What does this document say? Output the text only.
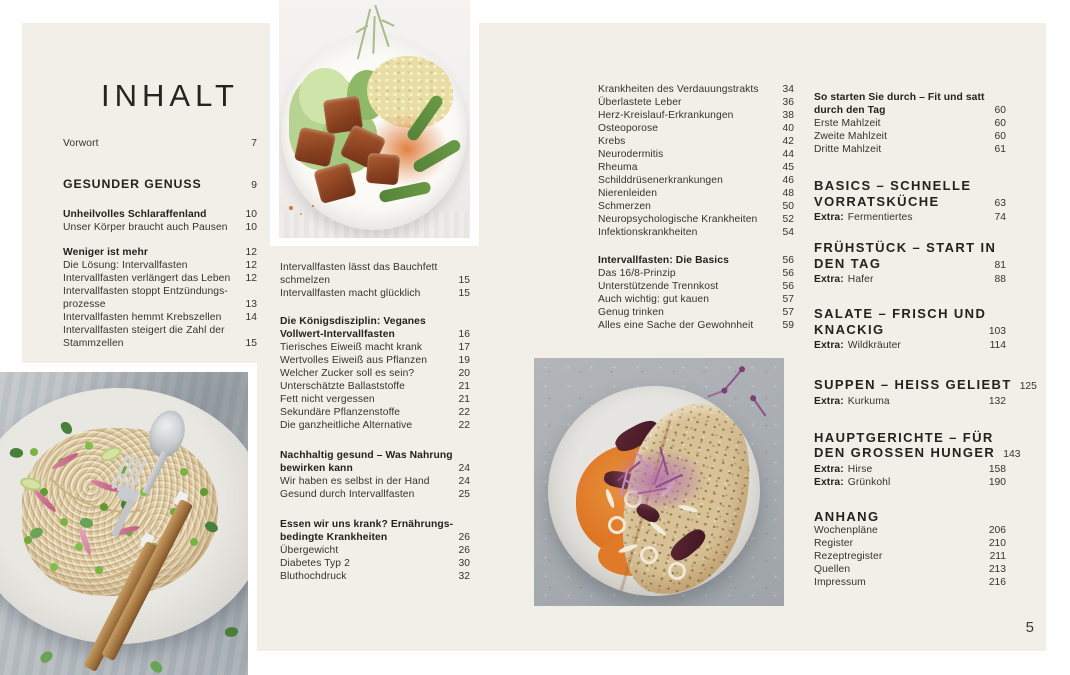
INHALT
Vorwort	7
GESUNDER GENUSS	9
Unheilvolles Schlaraffenland	10
Unser Körper braucht auch Pausen 10
Weniger ist mehr	12
Die Lösung: Intervallfasten	12
Intervallfasten verlängert das Leben 12
Intervallfasten stoppt Entzündungs-
prozesse	13
Intervallfasten hemmt Krebszellen 14
Intervallfasten steigert die Zahl der
Stammzellen	15
Intervallfasten lässt das Bauchfett
schmelzen	15
Intervallfasten macht glücklich	15
Die Königsdisziplin: Veganes
Vollwert-Intervallfasten	16
Tierisches Eiweiß macht krank	17
Wertvolles Eiweiß aus Pflanzen	19
Welcher Zucker soll es sein?	20
Unterschätzte Ballaststoffe	21
Fett nicht vergessen	21
Sekundäre Pflanzenstoffe	22
Die ganzheitliche Alternative	22
Nachhaltig gesund – Was Nahrung
bewirken kann	24
Wir haben es selbst in der Hand	24
Gesund durch Intervallfasten	25
Essen wir uns krank? Ernährungs-
bedingte Krankheiten	26
Übergewicht	26
Diabetes Typ 2	30
Bluthochdruck	32
Krankheiten des Verdauungstrakts 34
Überlastete Leber	36
Herz-Kreislauf-Erkrankungen	38
Osteoporose	40
Krebs	42
Neurodermitis	44
Rheuma	45
Schilddrüsenerkrankungen	46
Nierenleiden	48
Schmerzen	50
Neuropsychologische Krankheiten 52
Infektionskrankheiten	54
Intervallfasten: Die Basics	56
Das 16/8-Prinzip	56
Unterstützende Trennkost	56
Auch wichtig: gut kauen	57
Genug trinken	57
Alles eine Sache der Gewohnheit	59
So starten Sie durch – Fit und satt
durch den Tag	60
Erste Mahlzeit	60
Zweite Mahlzeit	60
Dritte Mahlzeit	61
BASICS – SCHNELLE
VORRATSKÜCHE	63
Extra: Fermentiertes	74
FRÜHSTÜCK – START IN
DEN TAG	81
Extra: Hafer	88
SALATE – FRISCH UND
KNACKIG	103
Extra: Wildkräuter	114
SUPPEN – HEISS GELIEBT 125
Extra: Kurkuma	132
HAUPTGERICHTE – FÜR
DEN GROSSEN HUNGER 143
Extra: Hirse	158
Extra: Grünkohl	190
ANHANG
Wochenpläne	206
Register	210
Rezeptregister	211
Quellen	213
Impressum	216
5
